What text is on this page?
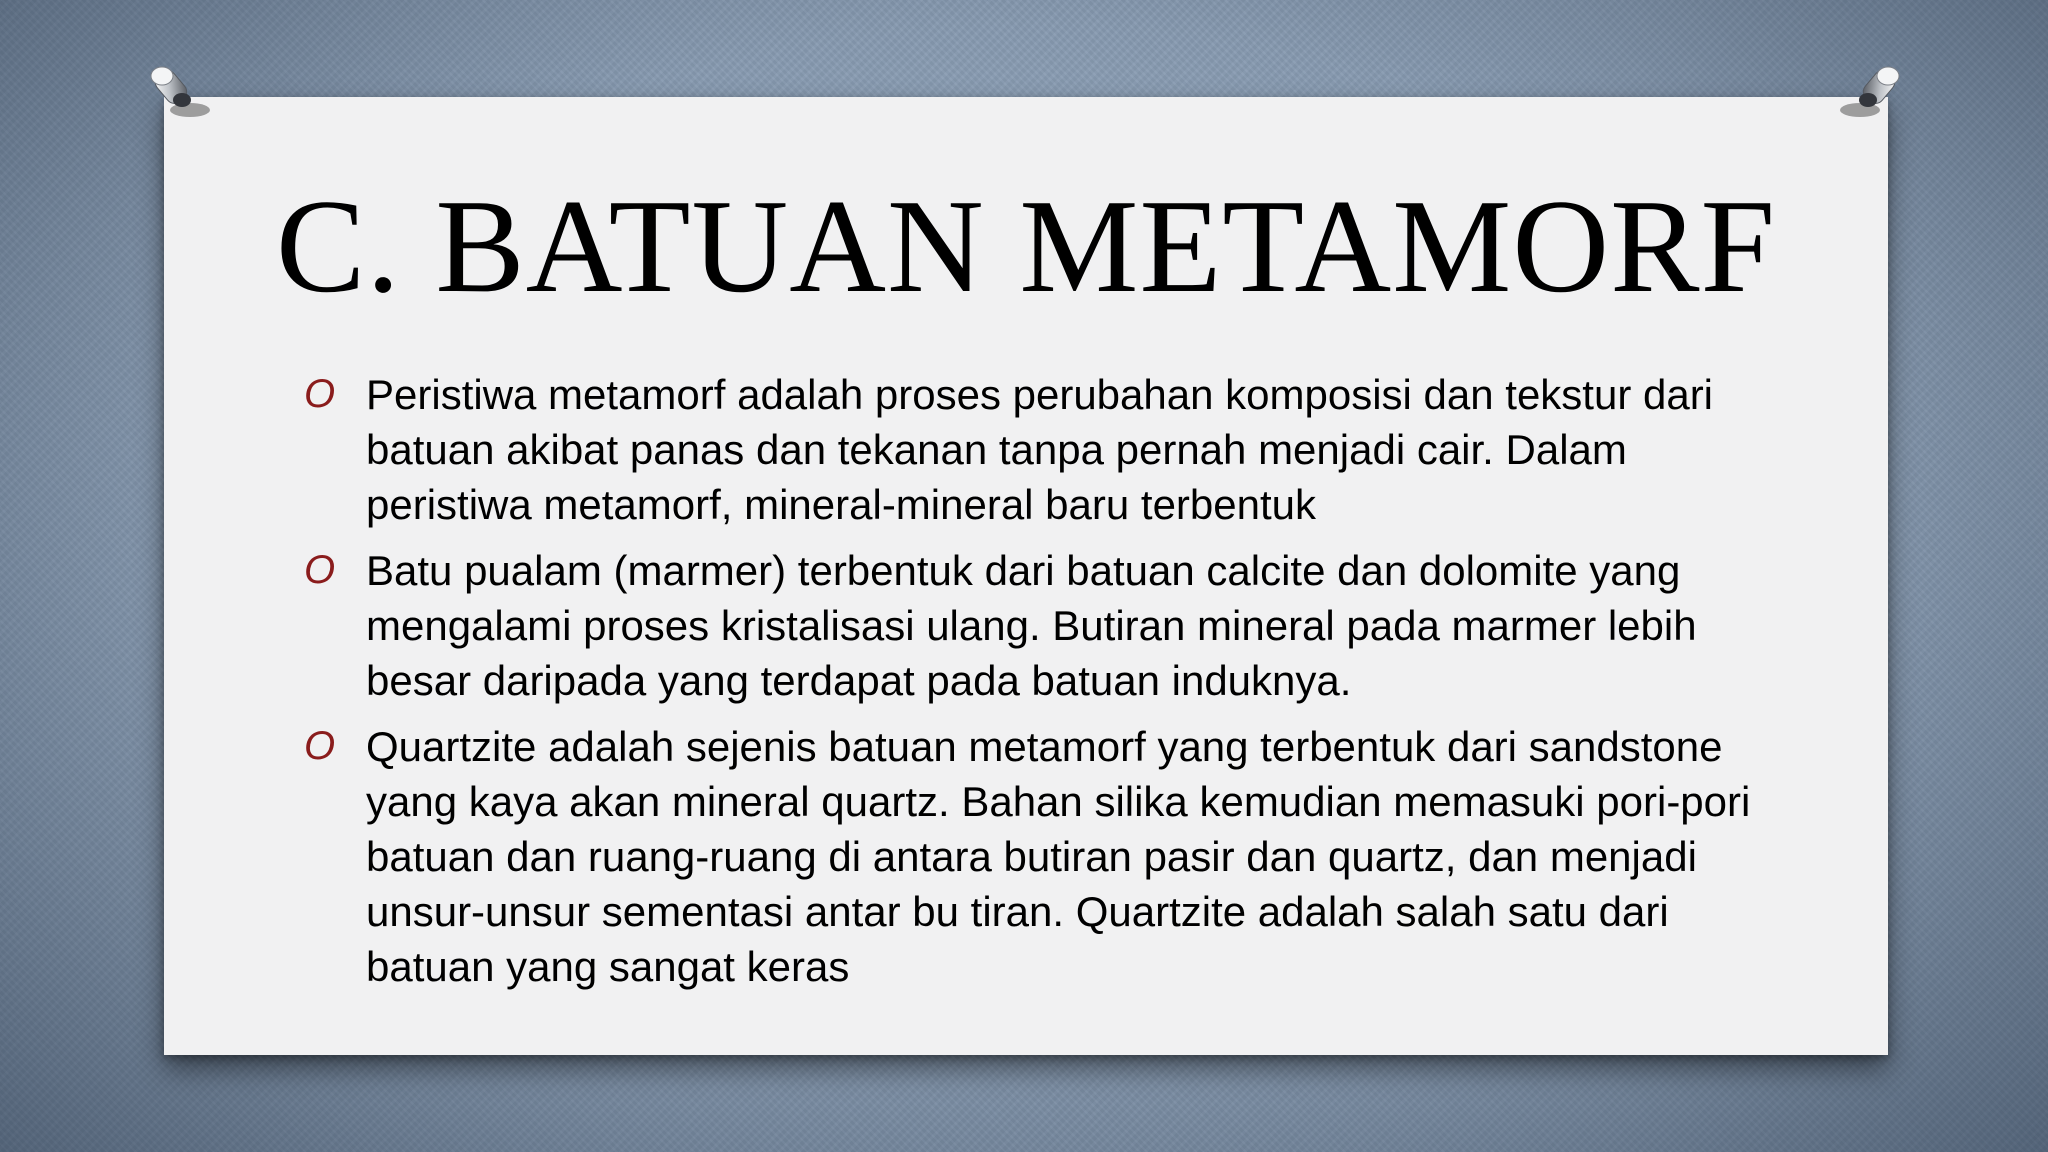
C. BATUAN METAMORF
O Peristiwa metamorf adalah proses perubahan komposisi dan tekstur dari batuan akibat panas dan tekanan tanpa pernah menjadi cair. Dalam peristiwa metamorf, mineral-mineral baru terbentuk

O Batu pualam (marmer) terbentuk dari batuan calcite dan dolomite yang mengalami proses kristalisasi ulang. Butiran mineral pada marmer lebih besar daripada yang terdapat pada batuan induknya.

O Quartzite adalah sejenis batuan metamorf yang terbentuk dari sandstone yang kaya akan mineral quartz. Bahan silika kemudian memasuki pori-pori batuan dan ruang-ruang di antara butiran pasir dan quartz, dan menjadi unsur-unsur sementasi antar bu tiran. Quartzite adalah salah satu dari batuan yang sangat keras
